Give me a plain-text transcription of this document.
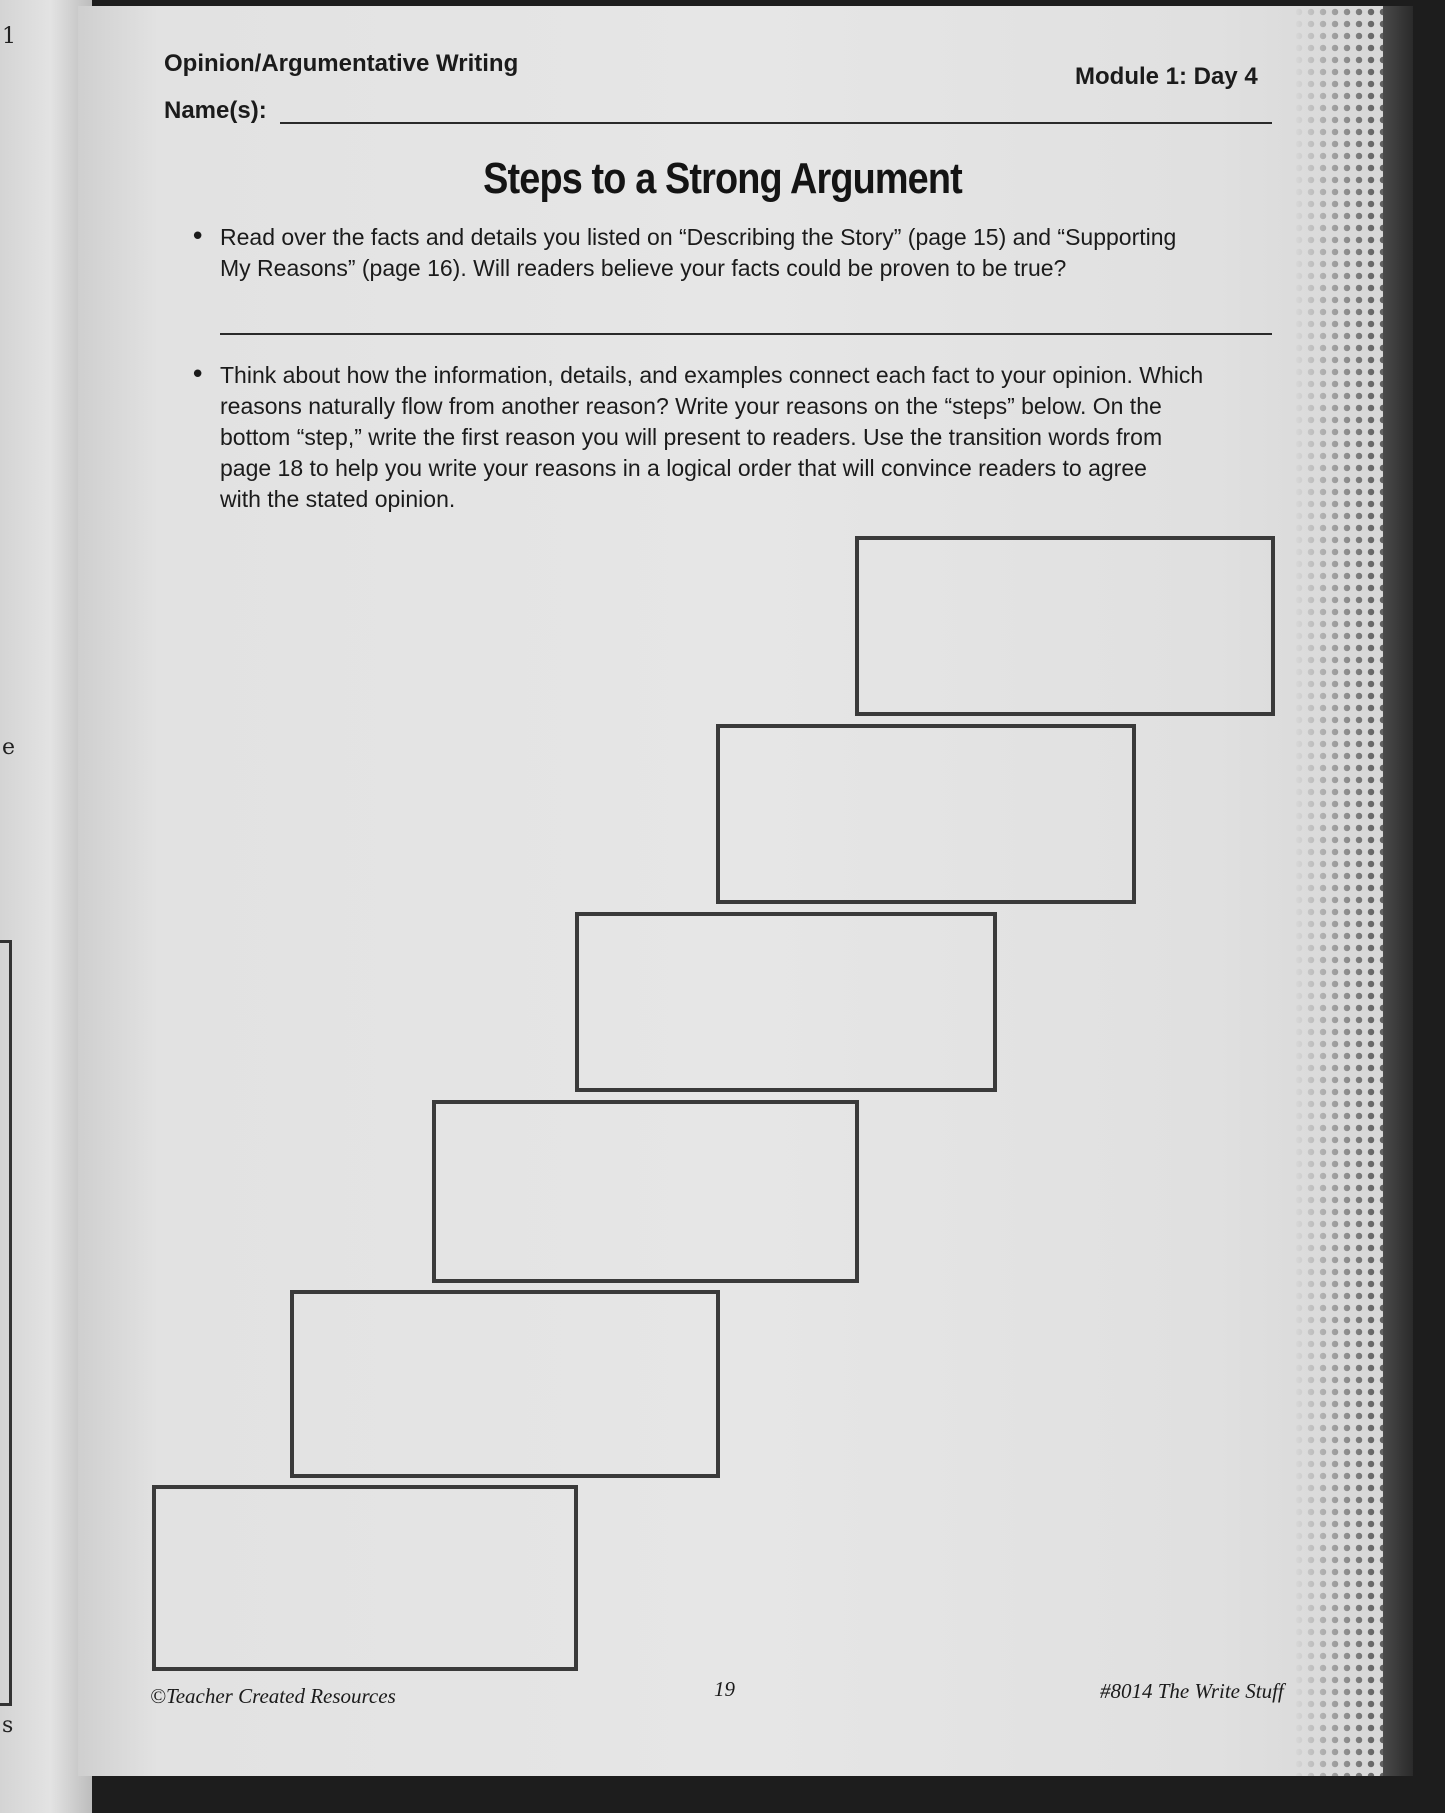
1
e
s
Opinion/Argumentative Writing	Module 1: Day 4
Name(s):
Steps to a Strong Argument
• Read over the facts and details you listed on “Describing the Story” (page 15) and “Supporting
My Reasons” (page 16). Will readers believe your facts could be proven to be true?
• Think about how the information, details, and examples connect each fact to your opinion. Which
reasons naturally flow from another reason? Write your reasons on the “steps” below. On the
bottom “step,” write the first reason you will present to readers. Use the transition words from
page 18 to help you write your reasons in a logical order that will convince readers to agree
with the stated opinion.
©Teacher Created Resources	19	#8014 The Write Stuff
